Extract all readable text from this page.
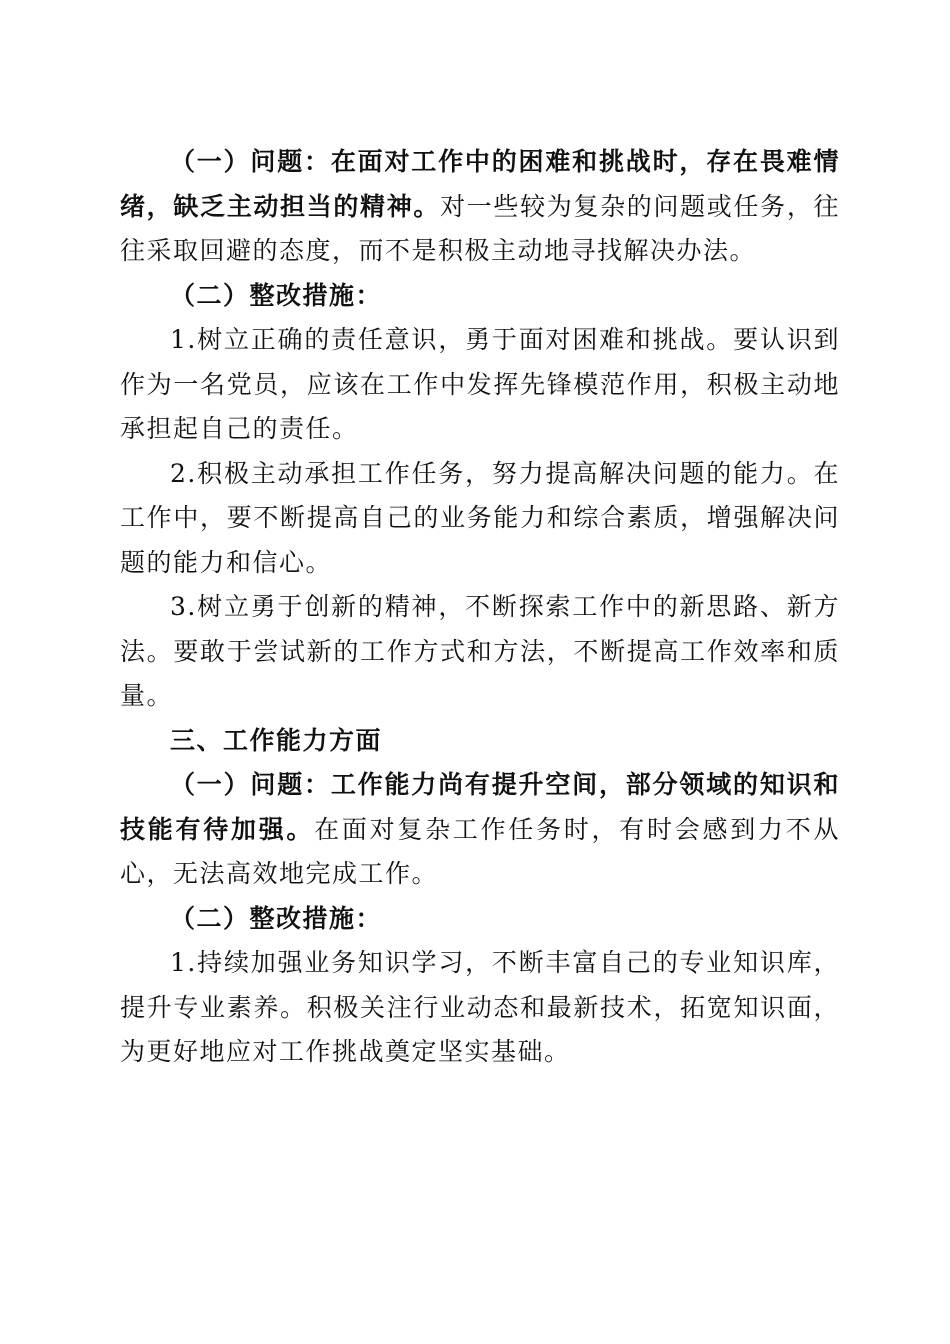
（一）问题：在面对工作中的困难和挑战时，存在畏难情绪，缺乏主动担当的精神。对一些较为复杂的问题或任务，往往采取回避的态度，而不是积极主动地寻找解决办法。

（二）整改措施：

1.树立正确的责任意识，勇于面对困难和挑战。要认识到作为一名党员，应该在工作中发挥先锋模范作用，积极主动地承担起自己的责任。

2.积极主动承担工作任务，努力提高解决问题的能力。在工作中，要不断提高自己的业务能力和综合素质，增强解决问题的能力和信心。

3.树立勇于创新的精神，不断探索工作中的新思路、新方法。要敢于尝试新的工作方式和方法，不断提高工作效率和质量。

三、工作能力方面

（一）问题：工作能力尚有提升空间，部分领域的知识和技能有待加强。在面对复杂工作任务时，有时会感到力不从心，无法高效地完成工作。

（二）整改措施：

1.持续加强业务知识学习，不断丰富自己的专业知识库，提升专业素养。积极关注行业动态和最新技术，拓宽知识面，为更好地应对工作挑战奠定坚实基础。
